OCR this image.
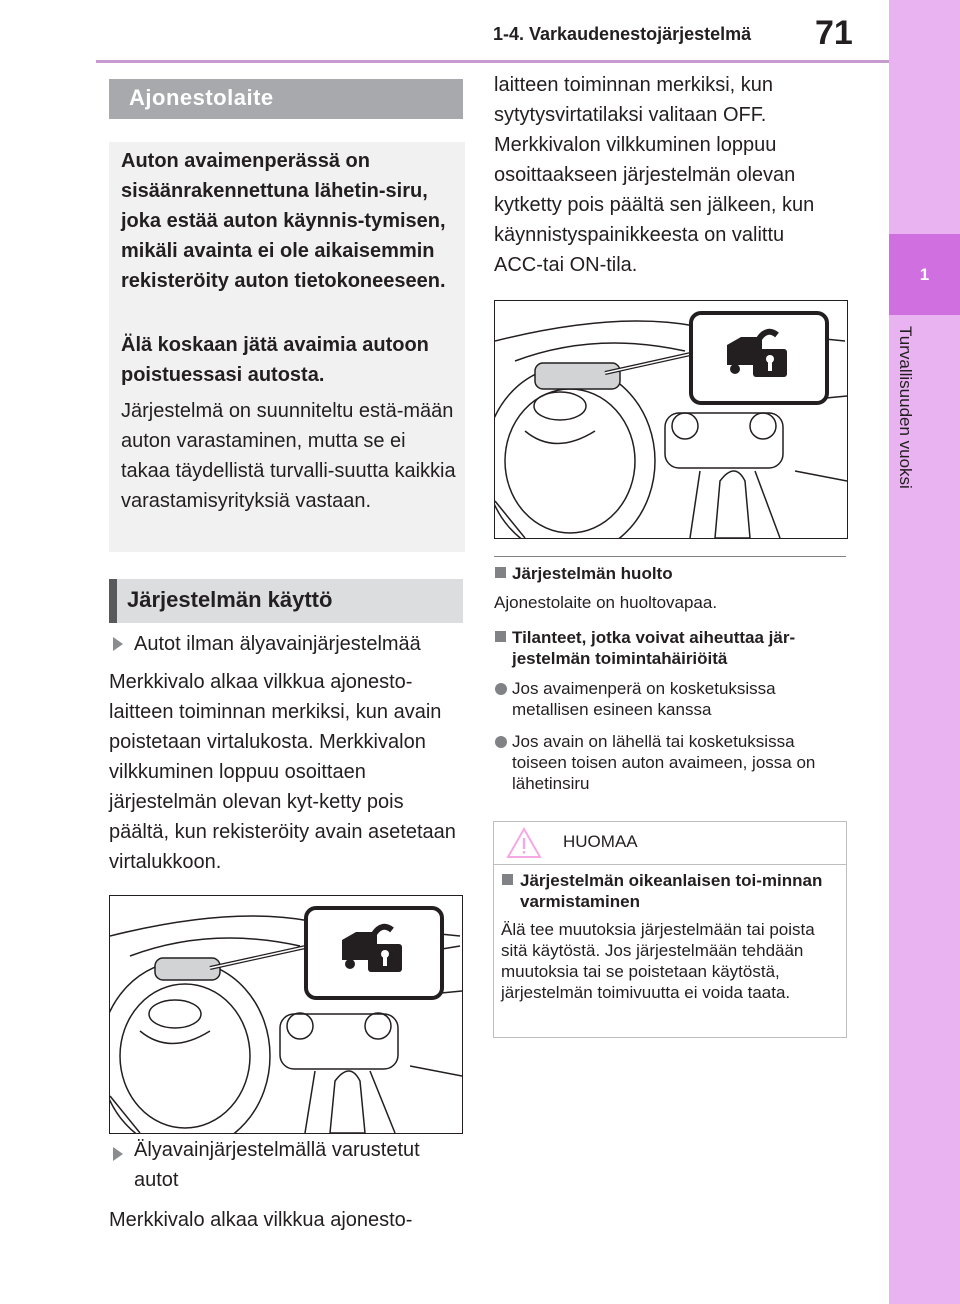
1-4. Varkaudenestojärjestelmä 71
1
Turvallisuuden vuoksi
Ajonestolaite

Auton avaimenperässä on sisäänrakennettuna lähetin-siru, joka estää auton käynnis-tymisen, mikäli avainta ei ole aikaisemmin rekisteröity auton tietokoneeseen.

Älä koskaan jätä avaimia autoon poistuessasi autosta.

Järjestelmä on suunniteltu estä-mään auton varastaminen, mutta se ei takaa täydellistä turvalli-suutta kaikkia varastamisyrityksiä vastaan.

Järjestelmän käyttö
Autot ilman älyavainjärjestelmää
Merkkivalo alkaa vilkkua ajonesto-laitteen toiminnan merkiksi, kun avain poistetaan virtalukosta. Merkkivalon vilkkuminen loppuu osoittaen järjestelmän olevan kyt-ketty pois päältä, kun rekisteröity avain asetetaan virtalukkoon.
Älyavainjärjestelmällä varustetut autot
Merkkivalo alkaa vilkkua ajonesto-
laitteen toiminnan merkiksi, kun sytytysvirtatilaksi valitaan OFF. Merkkivalon vilkkuminen loppuu osoittaakseen järjestelmän olevan kytketty pois päältä sen jälkeen, kun käynnistyspainikkeesta on valittu ACC-tai ON-tila.
Järjestelmän huolto
Ajonestolaite on huoltovapaa.
Tilanteet, jotka voivat aiheuttaa jär-jestelmän toimintahäiriöitä
Jos avaimenperä on kosketuksissa metallisen esineen kanssa
Jos avain on lähellä tai kosketuksissa toiseen toisen auton avaimeen, jossa on lähetinsiru
HUOMAA
Järjestelmän oikeanlaisen toi-minnan varmistaminen
Älä tee muutoksia järjestelmään tai poista sitä käytöstä. Jos järjestelmään tehdään muutoksia tai se poistetaan käytöstä, järjestelmän toimivuutta ei voida taata.
